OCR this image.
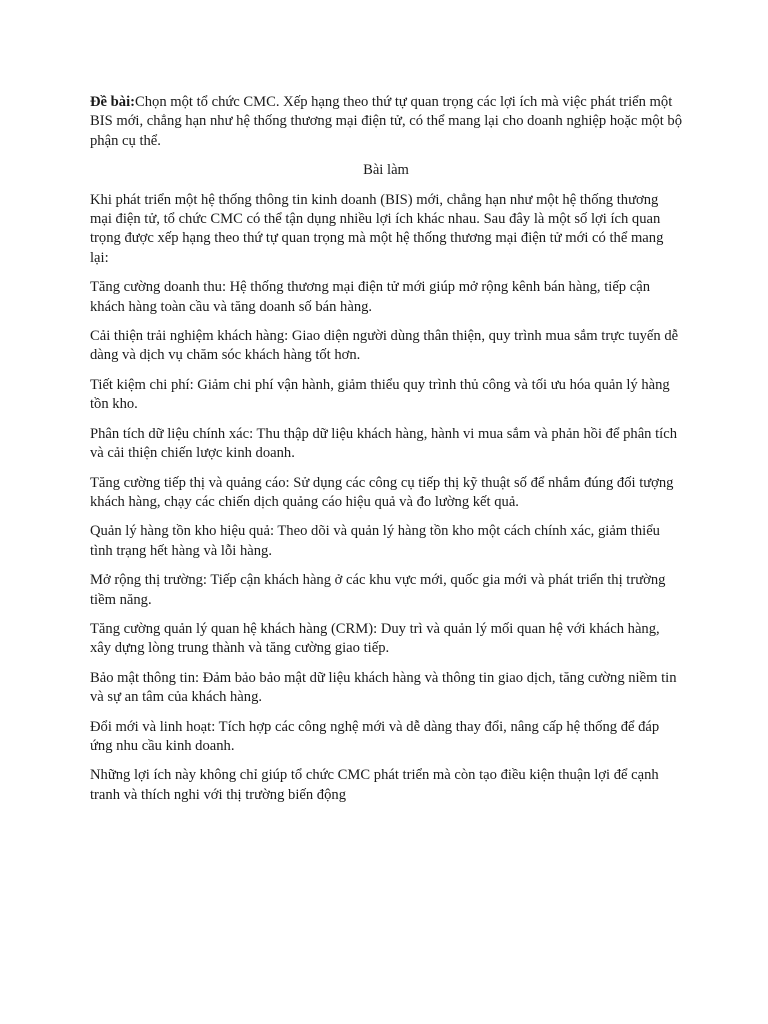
Đề bài:Chọn một tổ chức CMC. Xếp hạng theo thứ tự quan trọng các lợi ích mà việc phát triển một BIS mới, chẳng hạn như hệ thống thương mại điện tử, có thể mang lại cho doanh nghiệp hoặc một bộ phận cụ thể.

Bài làm

Khi phát triển một hệ thống thông tin kinh doanh (BIS) mới, chẳng hạn như một hệ thống thương mại điện tử, tổ chức CMC có thể tận dụng nhiều lợi ích khác nhau. Sau đây là một số lợi ích quan trọng được xếp hạng theo thứ tự quan trọng mà một hệ thống thương mại điện tử mới có thể mang lại:

Tăng cường doanh thu: Hệ thống thương mại điện tử mới giúp mở rộng kênh bán hàng, tiếp cận khách hàng toàn cầu và tăng doanh số bán hàng.

Cải thiện trải nghiệm khách hàng: Giao diện người dùng thân thiện, quy trình mua sắm trực tuyến dễ dàng và dịch vụ chăm sóc khách hàng tốt hơn.

Tiết kiệm chi phí: Giảm chi phí vận hành, giảm thiểu quy trình thủ công và tối ưu hóa quản lý hàng tồn kho.

Phân tích dữ liệu chính xác: Thu thập dữ liệu khách hàng, hành vi mua sắm và phản hồi để phân tích và cải thiện chiến lược kinh doanh.

Tăng cường tiếp thị và quảng cáo: Sử dụng các công cụ tiếp thị kỹ thuật số để nhắm đúng đối tượng khách hàng, chạy các chiến dịch quảng cáo hiệu quả và đo lường kết quả.

Quản lý hàng tồn kho hiệu quả: Theo dõi và quản lý hàng tồn kho một cách chính xác, giảm thiểu tình trạng hết hàng và lỗi hàng.

Mở rộng thị trường: Tiếp cận khách hàng ở các khu vực mới, quốc gia mới và phát triển thị trường tiềm năng.

Tăng cường quản lý quan hệ khách hàng (CRM): Duy trì và quản lý mối quan hệ với khách hàng, xây dựng lòng trung thành và tăng cường giao tiếp.

Bảo mật thông tin: Đảm bảo bảo mật dữ liệu khách hàng và thông tin giao dịch, tăng cường niềm tin và sự an tâm của khách hàng.

Đổi mới và linh hoạt: Tích hợp các công nghệ mới và dễ dàng thay đổi, nâng cấp hệ thống để đáp ứng nhu cầu kinh doanh.

Những lợi ích này không chỉ giúp tổ chức CMC phát triển mà còn tạo điều kiện thuận lợi để cạnh tranh và thích nghi với thị trường biến động
